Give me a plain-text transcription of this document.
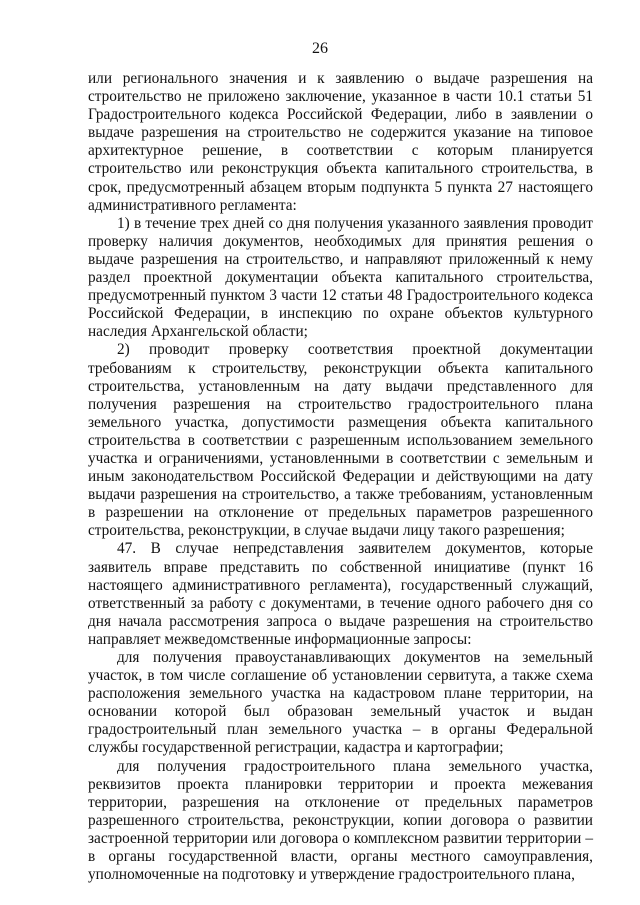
26

или регионального значения и к заявлению о выдаче разрешения на строительство не приложено заключение, указанное в части 10.1 статьи 51 Градостроительного кодекса Российской Федерации, либо в заявлении о выдаче разрешения на строительство не содержится указание на типовое архитектурное решение, в соответствии с которым планируется строительство или реконструкция объекта капитального строительства, в срок, предусмотренный абзацем вторым подпункта 5 пункта 27 настоящего административного регламента:

1) в течение трех дней со дня получения указанного заявления проводит проверку наличия документов, необходимых для принятия решения о выдаче разрешения на строительство, и направляют приложенный к нему раздел проектной документации объекта капитального строительства, предусмотренный пунктом 3 части 12 статьи 48 Градостроительного кодекса Российской Федерации, в инспекцию по охране объектов культурного наследия Архангельской области;

2) проводит проверку соответствия проектной документации требованиям к строительству, реконструкции объекта капитального строительства, установленным на дату выдачи представленного для получения разрешения на строительство градостроительного плана земельного участка, допустимости размещения объекта капитального строительства в соответствии с разрешенным использованием земельного участка и ограничениями, установленными в соответствии с земельным и иным законодательством Российской Федерации и действующими на дату выдачи разрешения на строительство, а также требованиям, установленным в разрешении на отклонение от предельных параметров разрешенного строительства, реконструкции, в случае выдачи лицу такого разрешения;

47. В случае непредставления заявителем документов, которые заявитель вправе представить по собственной инициативе (пункт 16 настоящего административного регламента), государственный служащий, ответственный за работу с документами, в течение одного рабочего дня со дня начала рассмотрения запроса о выдаче разрешения на строительство направляет межведомственные информационные запросы:

для получения правоустанавливающих документов на земельный участок, в том числе соглашение об установлении сервитута, а также схема расположения земельного участка на кадастровом плане территории, на основании которой был образован земельный участок и выдан градостроительный план земельного участка – в органы Федеральной службы государственной регистрации, кадастра и картографии;

для получения градостроительного плана земельного участка, реквизитов проекта планировки территории и проекта межевания территории, разрешения на отклонение от предельных параметров разрешенного строительства, реконструкции, копии договора о развитии застроенной территории или договора о комплексном развитии территории – в органы государственной власти, органы местного самоуправления, уполномоченные на подготовку и утверждение градостроительного плана,
